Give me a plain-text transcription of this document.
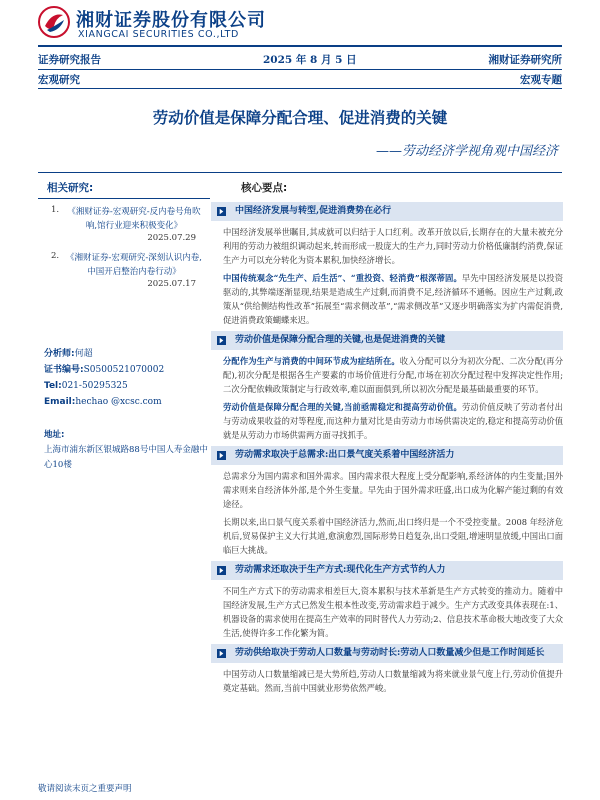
湘财证券股份有限公司
XIANGCAI SECURITIES CO.,LTD
证券研究报告	2025 年 8 月 5 日	湘财证券研究所
宏观研究	宏观专题
劳动价值是保障分配合理、促进消费的关键
——劳动经济学视角观中国经济
相关研究:
1. 《湘财证券-宏观研究-反内卷号角吹响,馆行业迎来积极变化》
2025.07.29
2. 《湘财证券-宏观研究-深刻认识内卷,中国开启整治内卷行动》
2025.07.17
分析师:何超
证书编号:S0500521070002
Tel:021-50295325
Email:hechao @xcsc.com
地址:
上海市浦东新区银城路88号中国人寿金融中心10楼
核心要点:
中国经济发展与转型,促进消费势在必行
中国经济发展举世瞩目,其成就可以归结于人口红利。改革开放以后,长期存在的大量未被充分利用的劳动力被组织调动起来,转而形成一股庞大的生产力,同时劳动力价格低廉制约消费,保证生产力可以充分转化为资本累积,加快经济增长。
中国传统观念“先生产、后生活”、“重投资、轻消费”根深蒂固。早先中国经济发展是以投资驱动的,其弊端逐渐显现,结果是造成生产过剩,而消费不足,经济循环不通畅。因应生产过剩,政策从“供给侧结构性改革”拓展至“需求侧改革”,“需求侧改革”又逐步明确落实为扩内需促消费,促进消费政策蝴蝶来迟。
劳动价值是保障分配合理的关键,也是促进消费的关键
分配作为生产与消费的中间环节成为症结所在。收入分配可以分为初次分配、二次分配(再分配),初次分配是根据各生产要素的市场价值进行分配,市场在初次分配过程中发挥决定性作用;二次分配依赖政策制定与行政效率,难以面面俱到,所以初次分配是最基础最重要的环节。
劳动价值是保障分配合理的关键,当前亟需稳定和提高劳动价值。劳动价值反映了劳动者付出与劳动成果收益的对等程度,而这种力量对比是由劳动力市场供需决定的,稳定和提高劳动价值就是从劳动力市场供需两方面寻找抓手。
劳动需求取决于总需求:出口景气度关系着中国经济活力
总需求分为国内需求和国外需求。国内需求很大程度上受分配影响,系经济体的内生变量;国外需求则来自经济体外部,是个外生变量。早先由于国外需求旺盛,出口成为化解产能过剩的有效途径。
长期以来,出口景气度关系着中国经济活力,然而,出口终归是一个不受控变量。2008 年经济危机后,贸易保护主义大行其道,愈演愈烈,国际形势日趋复杂,出口受阻,增速明显放缓,中国出口面临巨大挑战。
劳动需求还取决于生产方式:现代化生产方式节约人力
不同生产方式下的劳动需求相差巨大,资本累积与技术革新是生产方式转变的推动力。随着中国经济发展,生产方式已然发生根本性改变,劳动需求趋于减少。生产方式改变具体表现在:1、机器设备的需求使用在提高生产效率的同时替代人力劳动;2、信息技术革命极大地改变了大众生活,使得许多工作化繁为简。
劳动供给取决于劳动人口数量与劳动时长:劳动人口数量减少但是工作时间延长
中国劳动人口数量缩减已是大势所趋,劳动人口数量缩减为将来就业景气度上行,劳动价值提升奠定基础。然而,当前中国就业形势依然严峻。
敬请阅读末页之重要声明
